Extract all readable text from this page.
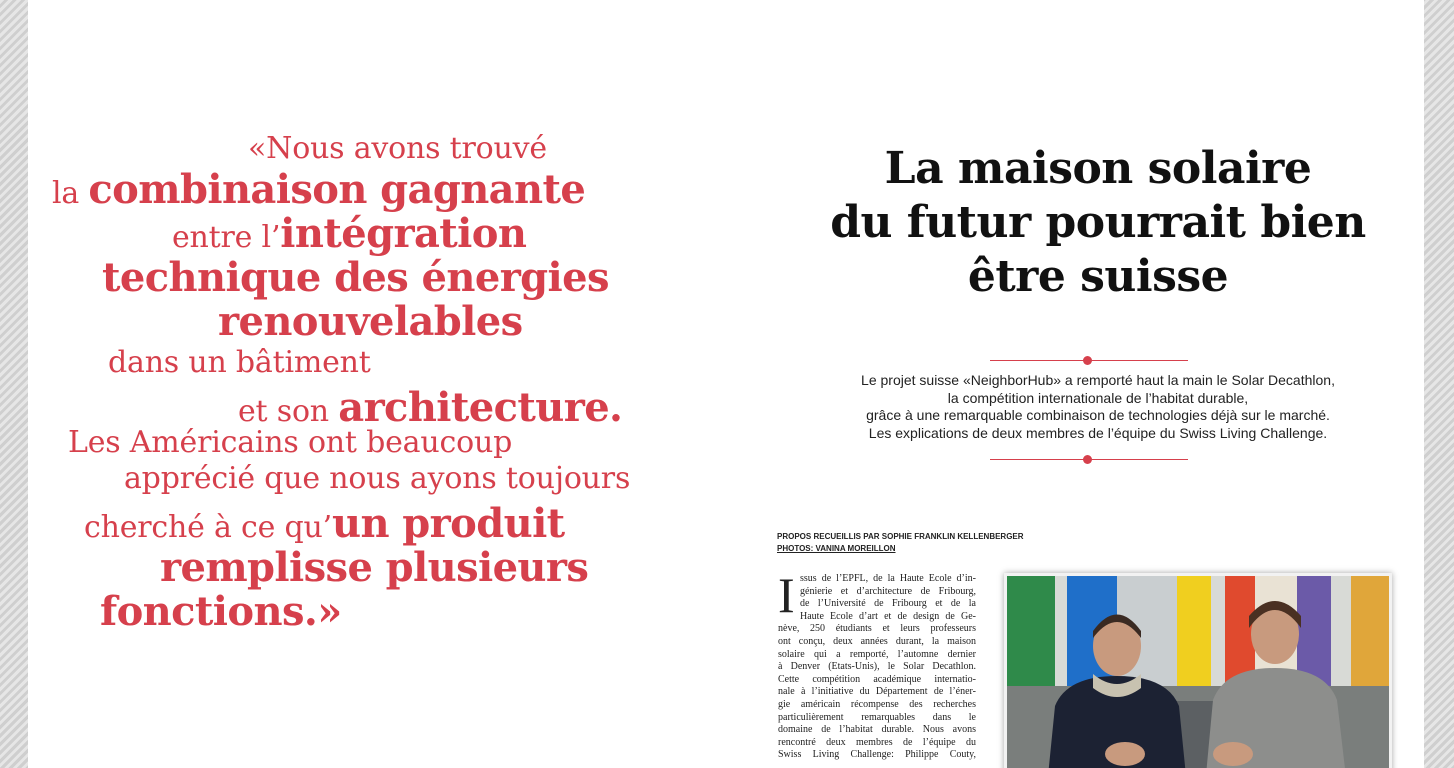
«Nous avons trouvé
la combinaison gagnante
entre l’intégration
technique des énergies
renouvelables
dans un bâtiment
et son architecture.
Les Américains ont beaucoup
apprécié que nous ayons toujours
cherché à ce qu’un produit
remplisse plusieurs
fonctions.»
La maison solaire
du futur pourrait bien
être suisse
Le projet suisse «NeighborHub» a remporté haut la main le Solar Decathlon,
la compétition internationale de l’habitat durable,
grâce à une remarquable combinaison de technologies déjà sur le marché.
Les explications de deux membres de l’équipe du Swiss Living Challenge.
PROPOS RECUEILLIS PAR SOPHIE FRANKLIN KELLENBERGER
PHOTOS: VANINA MOREILLON
I ssus de l’EPFL, de la Haute Ecole d’in-
génierie et d’architecture de Fribourg,
de l’Université de Fribourg et de la
Haute Ecole d’art et de design de Ge-
nève, 250 étudiants et leurs professeurs
ont conçu, deux années durant, la maison
solaire qui a remporté, l’automne dernier
à Denver (Etats-Unis), le Solar Decathlon.
Cette compétition académique internatio-
nale à l’initiative du Département de l’éner-
gie américain récompense des recherches
particulièrement remarquables dans le
domaine de l’habitat durable. Nous avons
rencontré deux membres de l’équipe du
Swiss Living Challenge: Philippe Couty,
